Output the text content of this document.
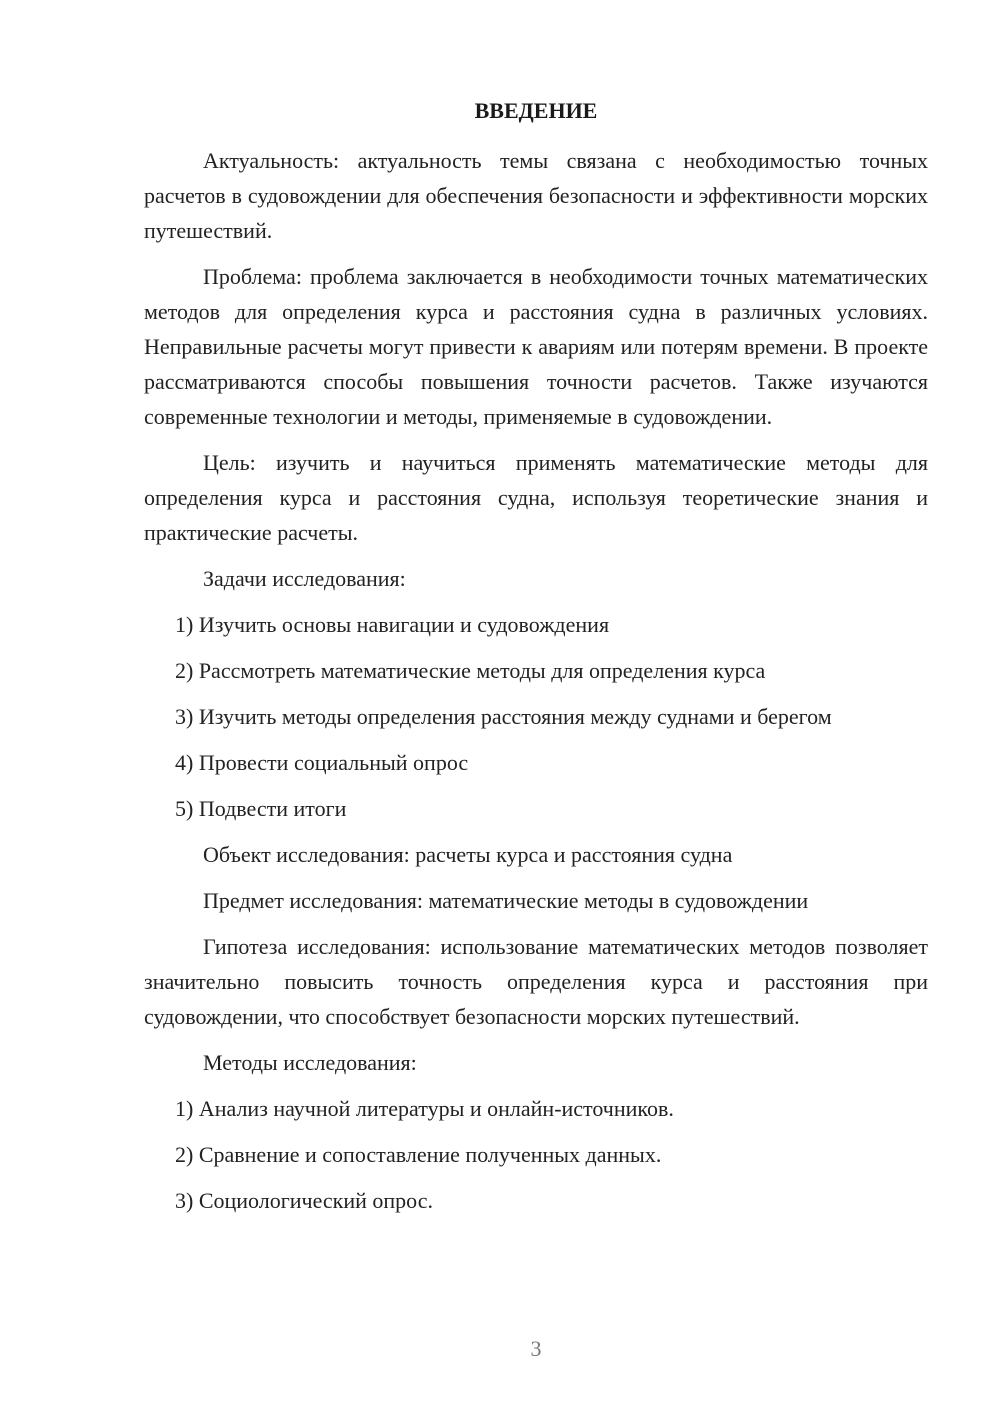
ВВЕДЕНИЕ

Актуальность: актуальность темы связана с необходимостью точных расчетов в судовождении для обеспечения безопасности и эффективности морских путешествий.

Проблема: проблема заключается в необходимости точных математических методов для определения курса и расстояния судна в различных условиях. Неправильные расчеты могут привести к авариям или потерям времени. В проекте рассматриваются способы повышения точности расчетов. Также изучаются современные технологии и методы, применяемые в судовождении.

Цель: изучить и научиться применять математические методы для определения курса и расстояния судна, используя теоретические знания и практические расчеты.

Задачи исследования:

1) Изучить основы навигации и судовождения

2) Рассмотреть математические методы для определения курса

3) Изучить методы определения расстояния между суднами и берегом

4) Провести социальный опрос

5) Подвести итоги

Объект исследования: расчеты курса и расстояния судна

Предмет исследования: математические методы в судовождении

Гипотеза исследования: использование математических методов позволяет значительно повысить точность определения курса и расстояния при судовождении, что способствует безопасности морских путешествий.

Методы исследования:

1) Анализ научной литературы и онлайн-источников.

2) Сравнение и сопоставление полученных данных.

3) Социологический опрос.

3
